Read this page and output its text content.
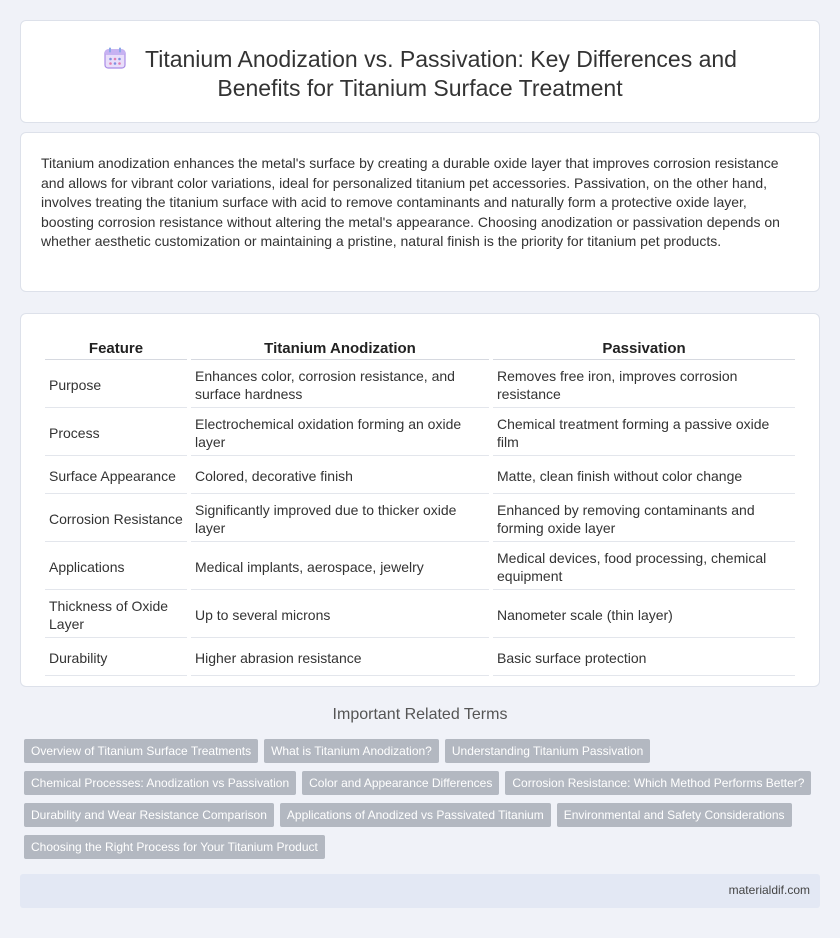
Titanium Anodization vs. Passivation: Key Differences and Benefits for Titanium Surface Treatment

Titanium anodization enhances the metal's surface by creating a durable oxide layer that improves corrosion resistance and allows for vibrant color variations, ideal for personalized titanium pet accessories. Passivation, on the other hand, involves treating the titanium surface with acid to remove contaminants and naturally form a protective oxide layer, boosting corrosion resistance without altering the metal's appearance. Choosing anodization or passivation depends on whether aesthetic customization or maintaining a pristine, natural finish is the priority for titanium pet products.

Feature	Titanium Anodization	Passivation
Purpose	Enhances color, corrosion resistance, and surface hardness	Removes free iron, improves corrosion resistance
Process	Electrochemical oxidation forming an oxide layer	Chemical treatment forming a passive oxide film
Surface Appearance	Colored, decorative finish	Matte, clean finish without color change
Corrosion Resistance	Significantly improved due to thicker oxide layer	Enhanced by removing contaminants and forming oxide layer
Applications	Medical implants, aerospace, jewelry	Medical devices, food processing, chemical equipment
Thickness of Oxide Layer	Up to several microns	Nanometer scale (thin layer)
Durability	Higher abrasion resistance	Basic surface protection
Important Related Terms
Overview of Titanium Surface Treatments	What is Titanium Anodization?	Understanding Titanium Passivation
Chemical Processes: Anodization vs Passivation	Color and Appearance Differences	Corrosion Resistance: Which Method Performs Better?
Durability and Wear Resistance Comparison	Applications of Anodized vs Passivated Titanium	Environmental and Safety Considerations
Choosing the Right Process for Your Titanium Product
materialdif.com
